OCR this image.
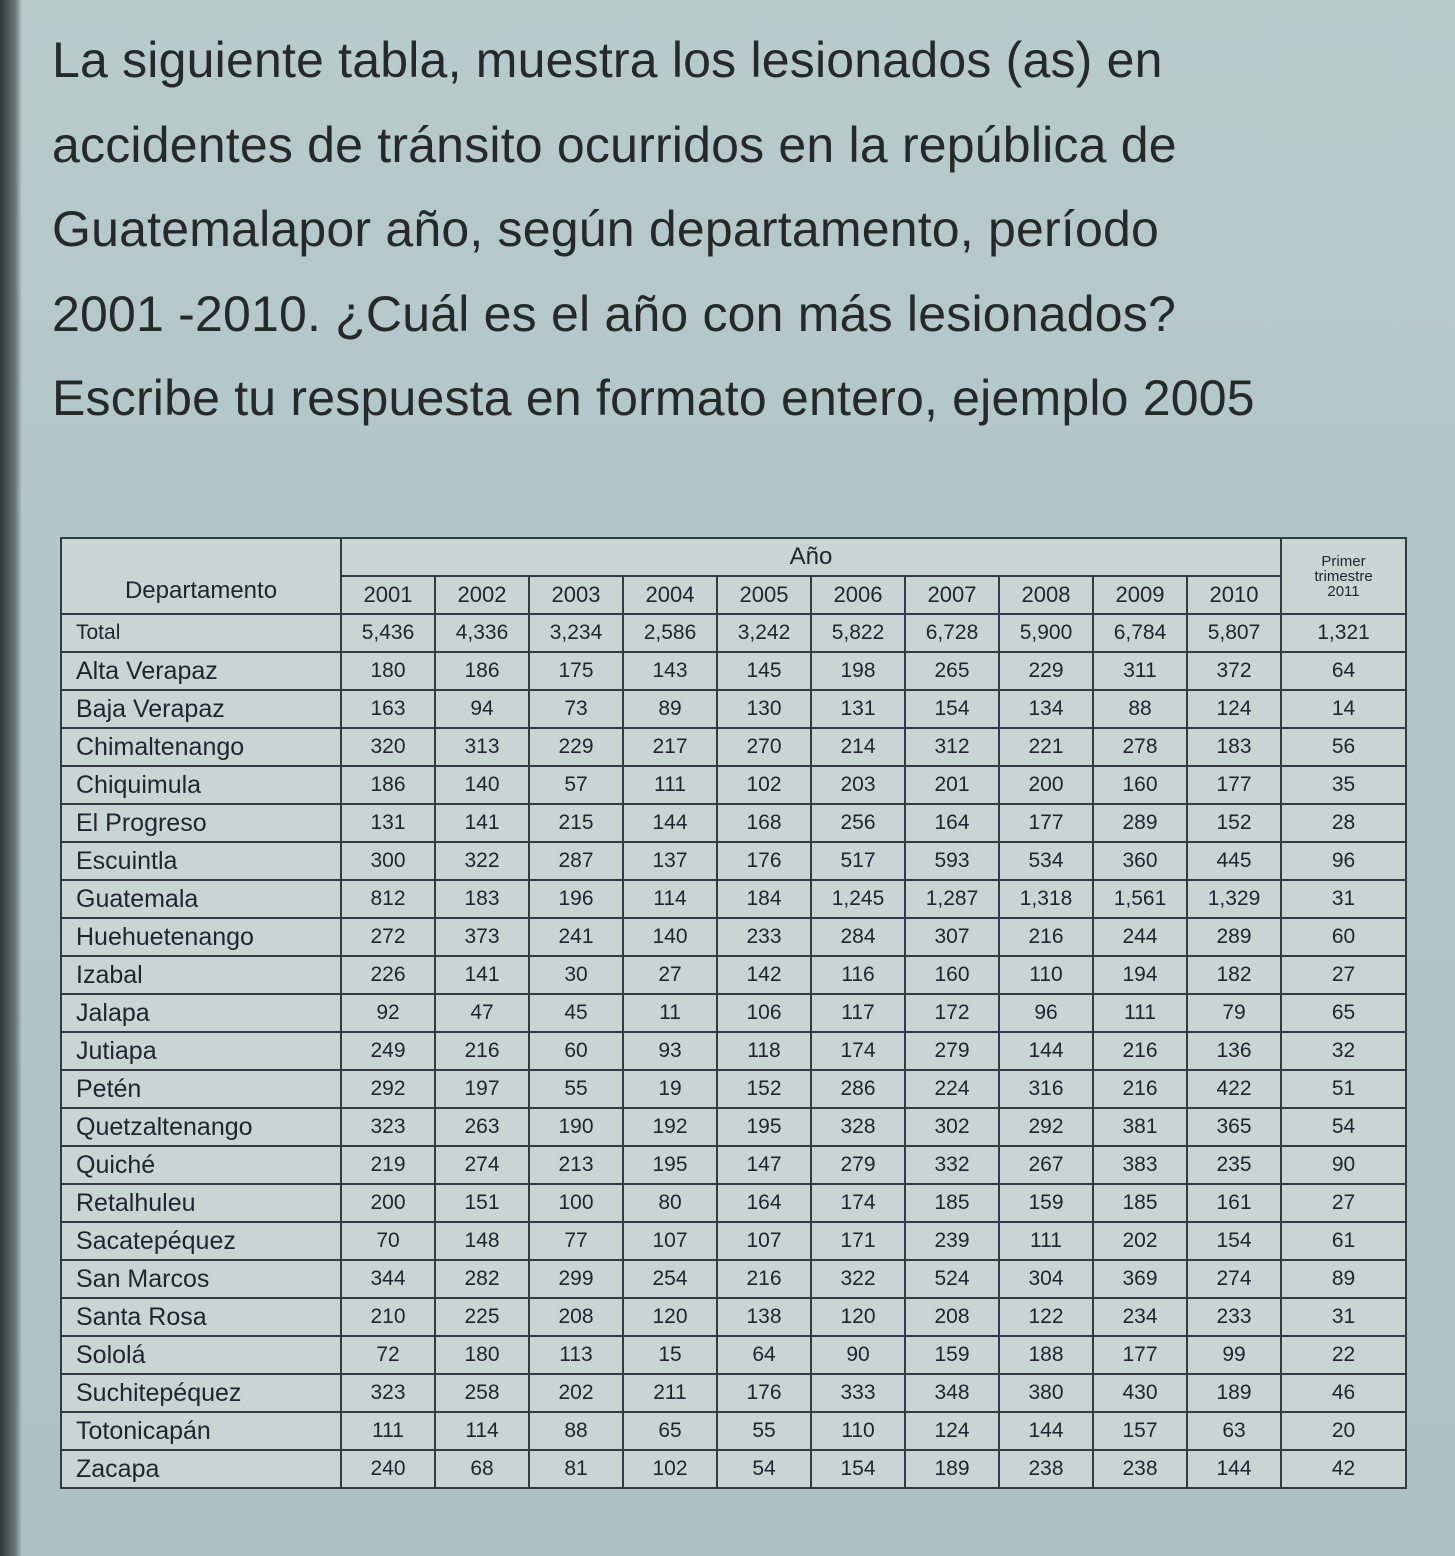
La siguiente tabla, muestra los lesionados (as) en
accidentes de tránsito ocurridos en la república de
Guatemalapor año, según departamento, período
2001 -2010. ¿Cuál es el año con más lesionados?
Escribe tu respuesta en formato entero, ejemplo 2005
Departamento	Año										Primer
trimestre
2011

	2001	2002	2003	2004	2005	2006	2007	2008	2009	2010	
Total	5,436	4,336	3,234	2,586	3,242	5,822	6,728	5,900	6,784	5,807	1,321
Alta Verapaz	180	186	175	143	145	198	265	229	311	372	64
Baja Verapaz	163	94	73	89	130	131	154	134	88	124	14
Chimaltenango	320	313	229	217	270	214	312	221	278	183	56
Chiquimula	186	140	57	111	102	203	201	200	160	177	35
El Progreso	131	141	215	144	168	256	164	177	289	152	28
Escuintla	300	322	287	137	176	517	593	534	360	445	96
Guatemala	812	183	196	114	184	1,245	1,287	1,318	1,561	1,329	31
Huehuetenango	272	373	241	140	233	284	307	216	244	289	60
Izabal	226	141	30	27	142	116	160	110	194	182	27
Jalapa	92	47	45	11	106	117	172	96	111	79	65
Jutiapa	249	216	60	93	118	174	279	144	216	136	32
Petén	292	197	55	19	152	286	224	316	216	422	51
Quetzaltenango	323	263	190	192	195	328	302	292	381	365	54
Quiché	219	274	213	195	147	279	332	267	383	235	90
Retalhuleu	200	151	100	80	164	174	185	159	185	161	27
Sacatepéquez	70	148	77	107	107	171	239	111	202	154	61
San Marcos	344	282	299	254	216	322	524	304	369	274	89
Santa Rosa	210	225	208	120	138	120	208	122	234	233	31
Sololá	72	180	113	15	64	90	159	188	177	99	22
Suchitepéquez	323	258	202	211	176	333	348	380	430	189	46
Totonicapán	111	114	88	65	55	110	124	144	157	63	20
Zacapa	240	68	81	102	54	154	189	238	238	144	42
